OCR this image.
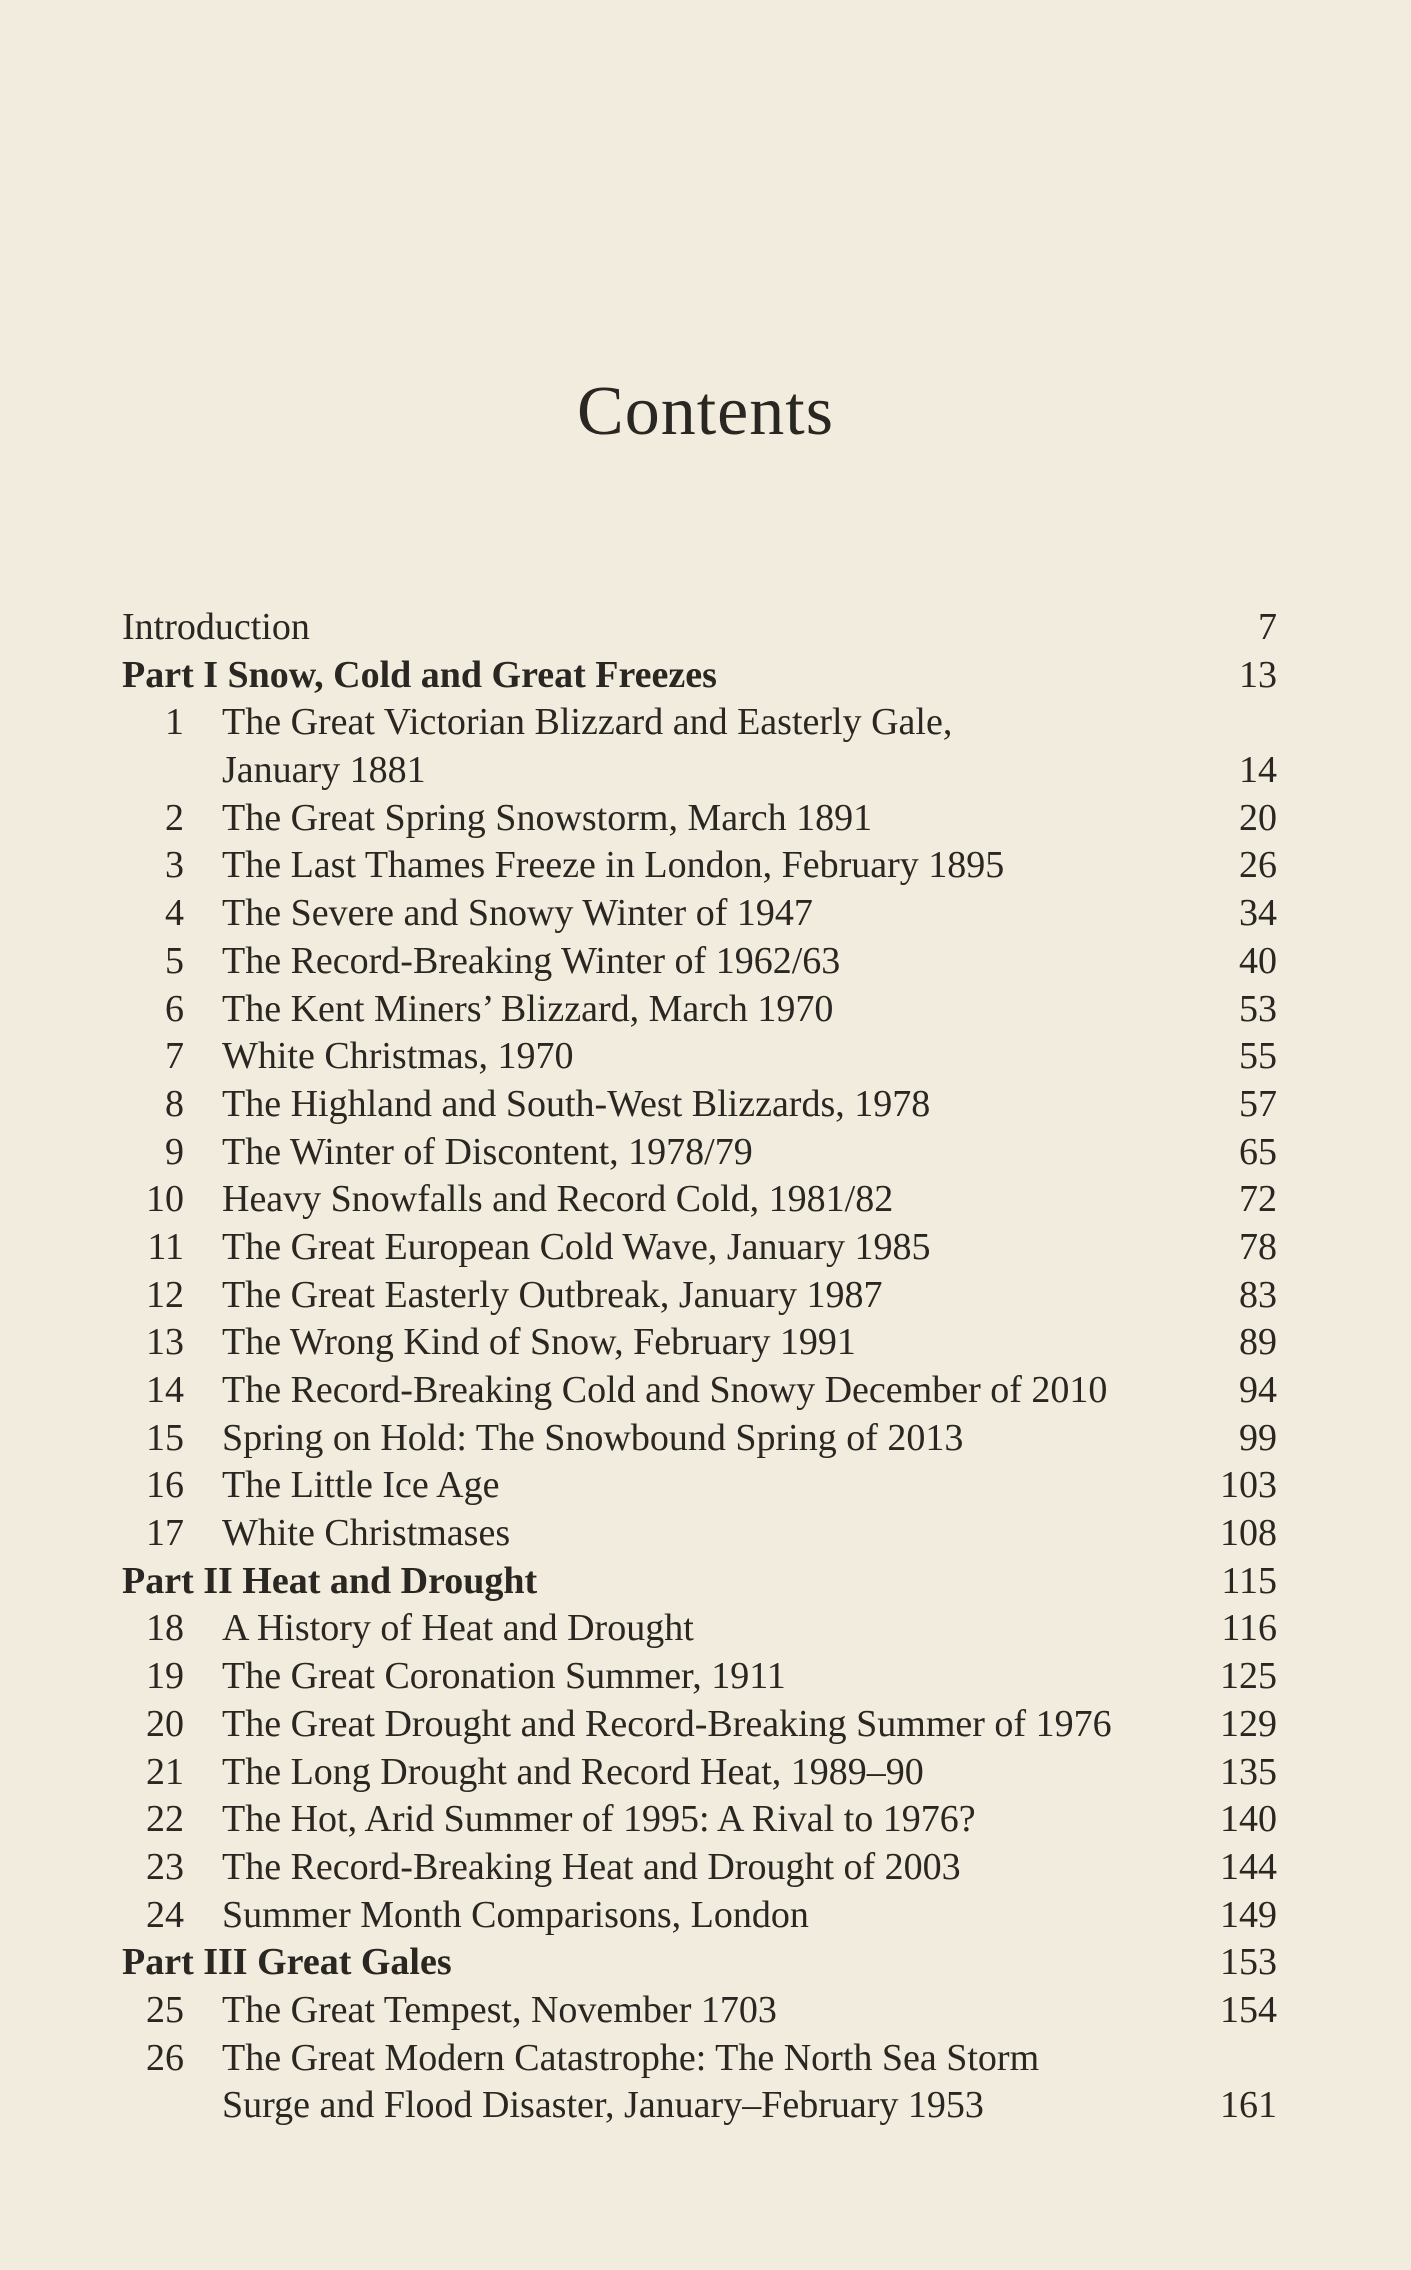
Contents
Introduction	7
Part I Snow, Cold and Great Freezes	13
1 The Great Victorian Blizzard and Easterly Gale,
January 1881	14
2 The Great Spring Snowstorm, March 1891	20
3 The Last Thames Freeze in London, February 1895	26
4 The Severe and Snowy Winter of 1947	34
5 The Record-Breaking Winter of 1962/63	40
6 The Kent Miners’ Blizzard, March 1970	53
7 White Christmas, 1970	55
8 The Highland and South-West Blizzards, 1978	57
9 The Winter of Discontent, 1978/79	65
10 Heavy Snowfalls and Record Cold, 1981/82	72
11 The Great European Cold Wave, January 1985	78
12 The Great Easterly Outbreak, January 1987	83
13 The Wrong Kind of Snow, February 1991	89
14 The Record-Breaking Cold and Snowy December of 2010	94
15 Spring on Hold: The Snowbound Spring of 2013	99
16 The Little Ice Age	103
17 White Christmases	108
Part II Heat and Drought	115
18 A History of Heat and Drought	116
19 The Great Coronation Summer, 1911	125
20 The Great Drought and Record-Breaking Summer of 1976	129
21 The Long Drought and Record Heat, 1989–90	135
22 The Hot, Arid Summer of 1995: A Rival to 1976?	140
23 The Record-Breaking Heat and Drought of 2003	144
24 Summer Month Comparisons, London	149
Part III Great Gales	153
25 The Great Tempest, November 1703	154
26 The Great Modern Catastrophe: The North Sea Storm
Surge and Flood Disaster, January–February 1953	161
